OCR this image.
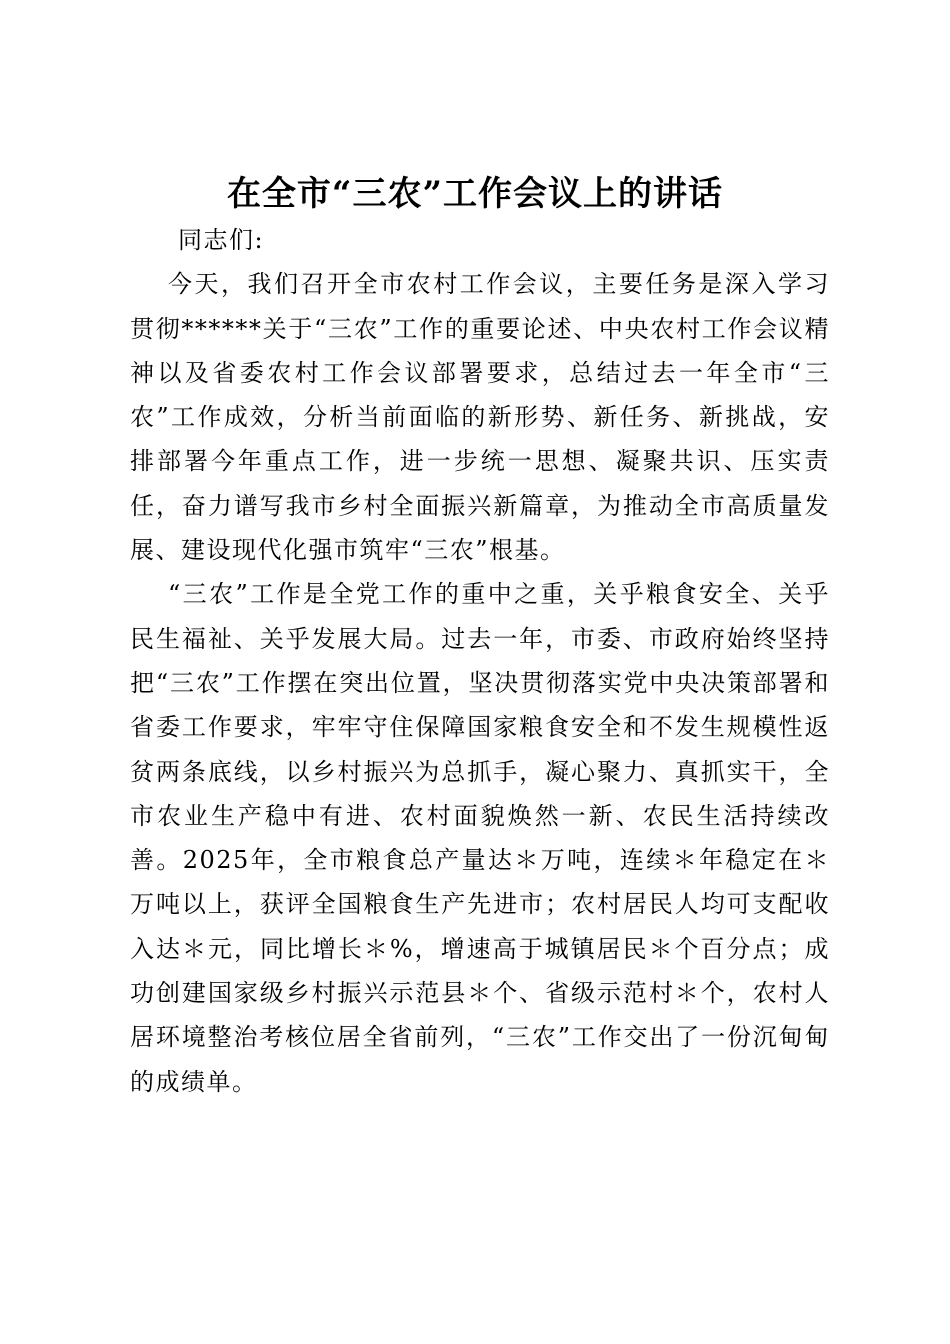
在全市“三农”工作会议上的讲话

同志们:

今天，我们召开全市农村工作会议，主要任务是深入学习贯彻******关于“三农”工作的重要论述、中央农村工作会议精神以及省委农村工作会议部署要求，总结过去一年全市“三农”工作成效，分析当前面临的新形势、新任务、新挑战，安排部署今年重点工作，进一步统一思想、凝聚共识、压实责任，奋力谱写我市乡村全面振兴新篇章，为推动全市高质量发展、建设现代化强市筑牢“三农”根基。

“三农”工作是全党工作的重中之重，关乎粮食安全、关乎民生福祉、关乎发展大局。过去一年，市委、市政府始终坚持把“三农”工作摆在突出位置，坚决贯彻落实党中央决策部署和省委工作要求，牢牢守住保障国家粮食安全和不发生规模性返贫两条底线，以乡村振兴为总抓手，凝心聚力、真抓实干，全市农业生产稳中有进、农村面貌焕然一新、农民生活持续改善。2025年，全市粮食总产量达＊万吨，连续＊年稳定在＊万吨以上，获评全国粮食生产先进市；农村居民人均可支配收入达＊元，同比增长＊%，增速高于城镇居民＊个百分点；成功创建国家级乡村振兴示范县＊个、省级示范村＊个，农村人居环境整治考核位居全省前列，“三农”工作交出了一份沉甸甸的成绩单。
